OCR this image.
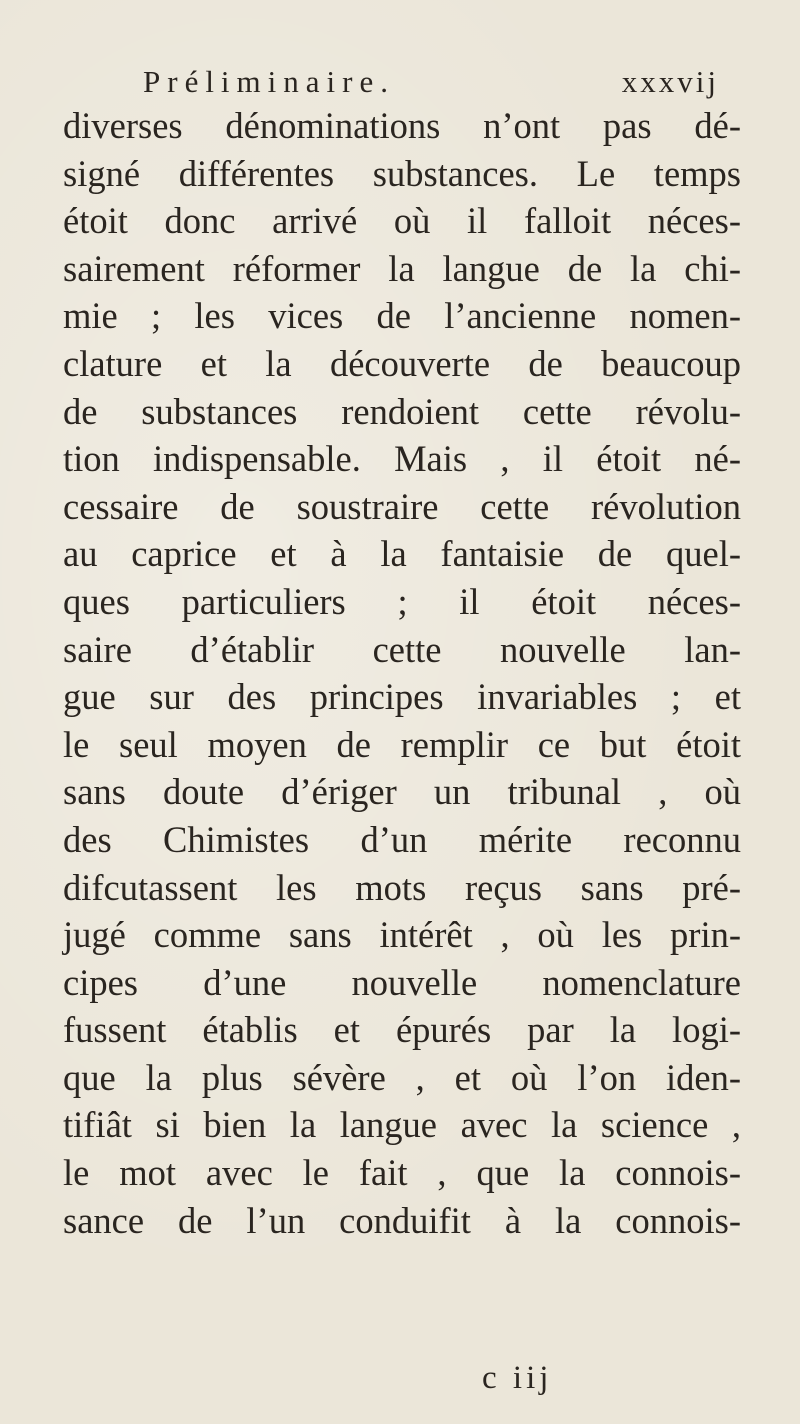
Préliminaire.	xxxvij
diverses dénominations n’ont pas dé-
signé différentes substances. Le temps
étoit donc arrivé où il falloit néces-
sairement réformer la langue de la chi-
mie ; les vices de l’ancienne nomen-
clature et la découverte de beaucoup
de substances rendoient cette révolu-
tion indispensable. Mais , il étoit né-
cessaire de soustraire cette révolution
au caprice et à la fantaisie de quel-
ques particuliers ; il étoit néces-
saire d’établir cette nouvelle lan-
gue sur des principes invariables ; et
le seul moyen de remplir ce but étoit
sans doute d’ériger un tribunal , où
des Chimistes d’un mérite reconnu
difcutassent les mots reçus sans pré-
jugé comme sans intérêt , où les prin-
cipes d’une nouvelle nomenclature
fussent établis et épurés par la logi-
que la plus sévère , et où l’on iden-
tifiât si bien la langue avec la science ,
le mot avec le fait , que la connois-
sance de l’un conduifit à la connois-
c iij
